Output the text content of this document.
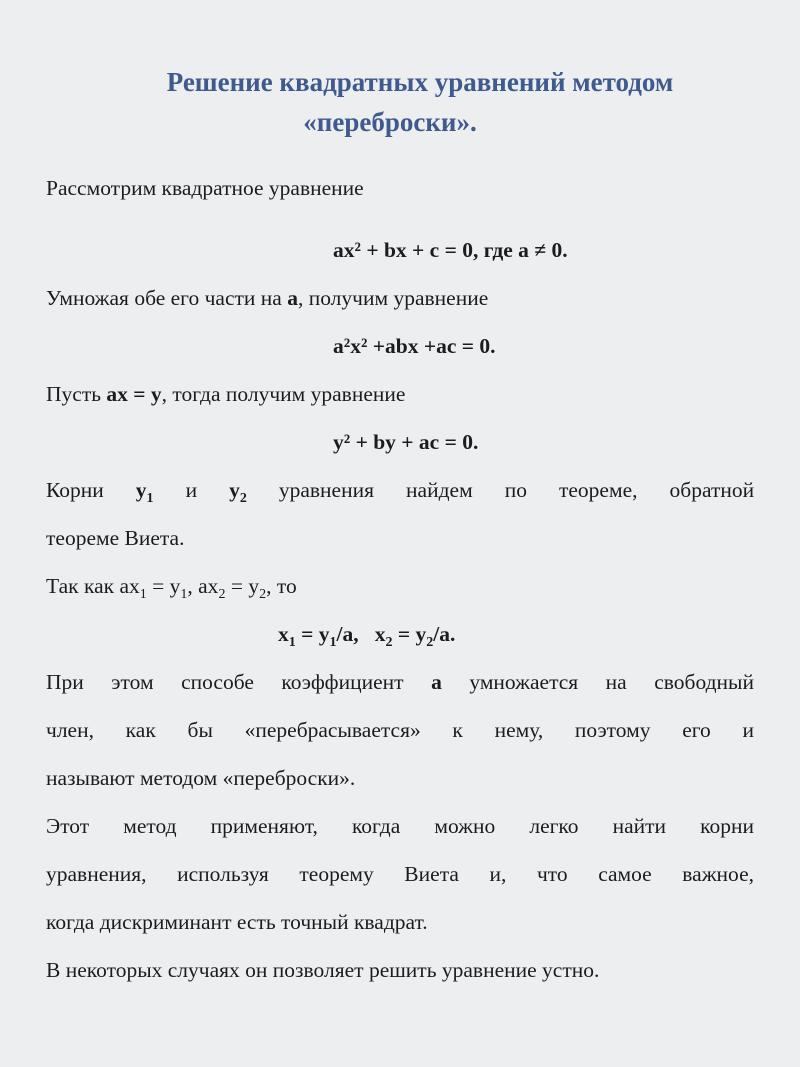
Решение квадратных уравнений методом
«переброски».
Рассмотрим квадратное уравнение
ax² + bx + c = 0, где a ≠ 0.
Умножая обе его части на a, получим уравнение
a²x² +abx +ac = 0.
Пусть ax = y, тогда получим уравнение
y² + by + ac = 0.
Корни $y_1$ и $y_2$ уравнения найдем по теореме, обратной
теореме Виета.
Так как $ax_1 = y_1$, $ax_2 = y_2$, то
$x_1 = y_1/a$,   $x_2 = y_2/a$.
При этом способе коэффициент a умножается на свободный
член, как бы «перебрасывается» к нему, поэтому его и
называют методом «переброски».
Этот метод применяют, когда можно легко найти корни
уравнения, используя теорему Виета и, что самое важное,
когда дискриминант есть точный квадрат.
В некоторых случаях он позволяет решить уравнение устно.
